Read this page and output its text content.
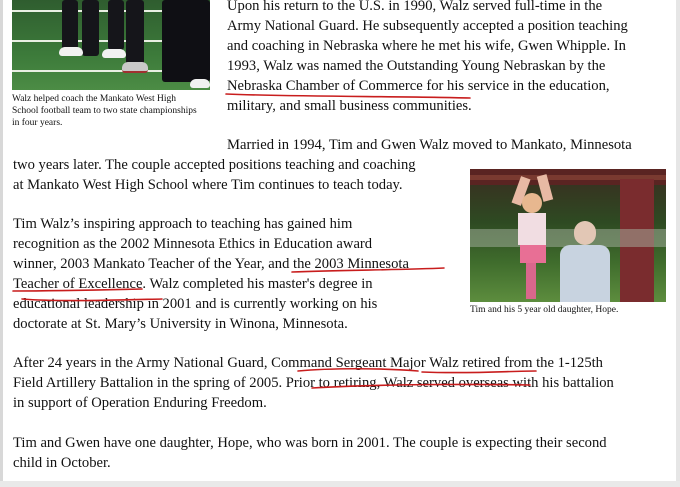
Walz helped coach the Mankato West High
School football team to two state championships
in four years.
Upon his return to the U.S. in 1990, Walz served full-time in the
Army National Guard. He subsequently accepted a position teaching
and coaching in Nebraska where he met his wife, Gwen Whipple. In
1993, Walz was named the Outstanding Young Nebraskan by the
Nebraska Chamber of Commerce for his service in the education,
military, and small business communities.
Married in 1994, Tim and Gwen Walz moved to Mankato, Minnesota
two years later. The couple accepted positions teaching and coaching
at Mankato West High School where Tim continues to teach today.
Tim and his 5 year old daughter, Hope.
Tim Walz’s inspiring approach to teaching has gained him
recognition as the 2002 Minnesota Ethics in Education award
winner, 2003 Mankato Teacher of the Year, and the 2003 Minnesota
Teacher of Excellence. Walz completed his master's degree in
educational leadership in 2001 and is currently working on his
doctorate at St. Mary’s University in Winona, Minnesota.
After 24 years in the Army National Guard, Command Sergeant Major Walz retired from the 1-125th
Field Artillery Battalion in the spring of 2005. Prior to retiring, Walz served overseas with his battalion
in support of Operation Enduring Freedom.
Tim and Gwen have one daughter, Hope, who was born in 2001. The couple is expecting their second
child in October.
